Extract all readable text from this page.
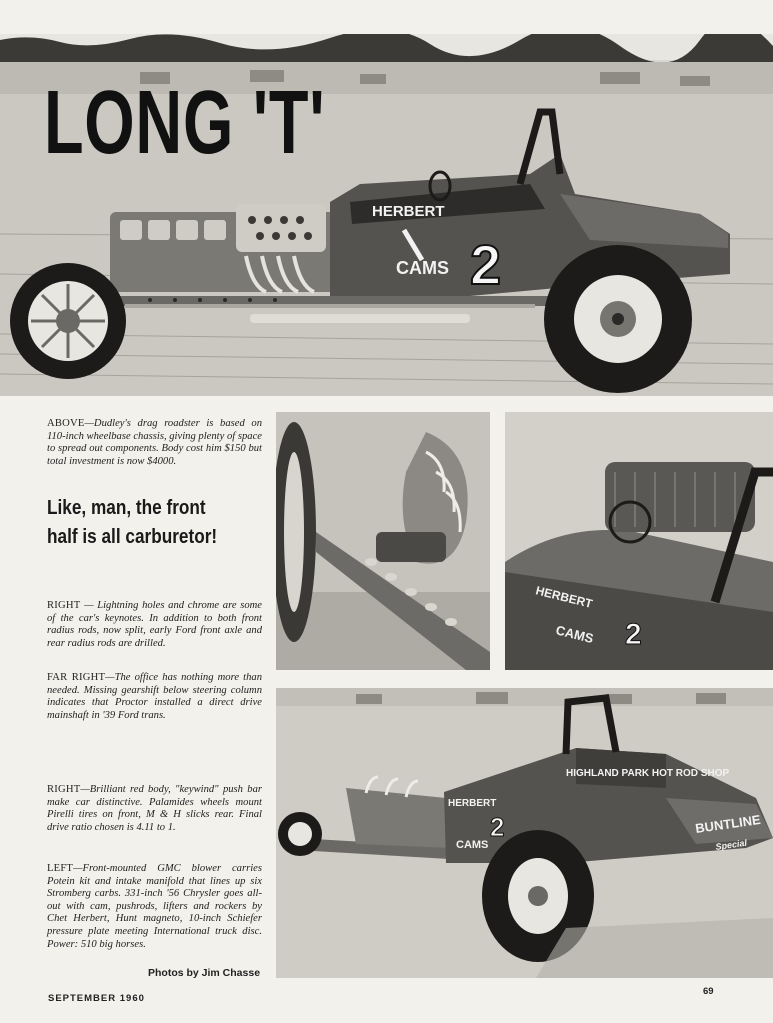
HERBERT
CAMS 2
LONG 'T'
HERBERT
CAMS 2
HIGHLAND PARK HOT ROD SHOP
BUNTLINE
Special
HERBERT
CAMS
2

ABOVE—Dudley's drag roadster is based on 110-inch wheelbase chassis, giving plenty of space to spread out components. Body cost him $150 but total investment is now $4000.

Like, man, the front half is all carburetor!

RIGHT — Lightning holes and chrome are some of the car's keynotes. In addition to both front radius rods, now split, early Ford front axle and rear radius rods are drilled.

FAR RIGHT—The office has nothing more than needed. Missing gearshift below steering column indicates that Proctor installed a direct drive mainshaft in '39 Ford trans.

RIGHT—Brilliant red body, "keywind" push bar make car distinctive. Palamides wheels mount Pirelli tires on front, M & H slicks rear. Final drive ratio chosen is 4.11 to 1.

LEFT—Front-mounted GMC blower carries Potein kit and intake manifold that lines up six Stromberg carbs. 331-inch '56 Chrysler goes all-out with cam, pushrods, lifters and rockers by Chet Herbert, Hunt magneto, 10-inch Schiefer pressure plate meeting International truck disc. Power: 510 big horses.

Photos by Jim Chasse

SEPTEMBER 1960

69
